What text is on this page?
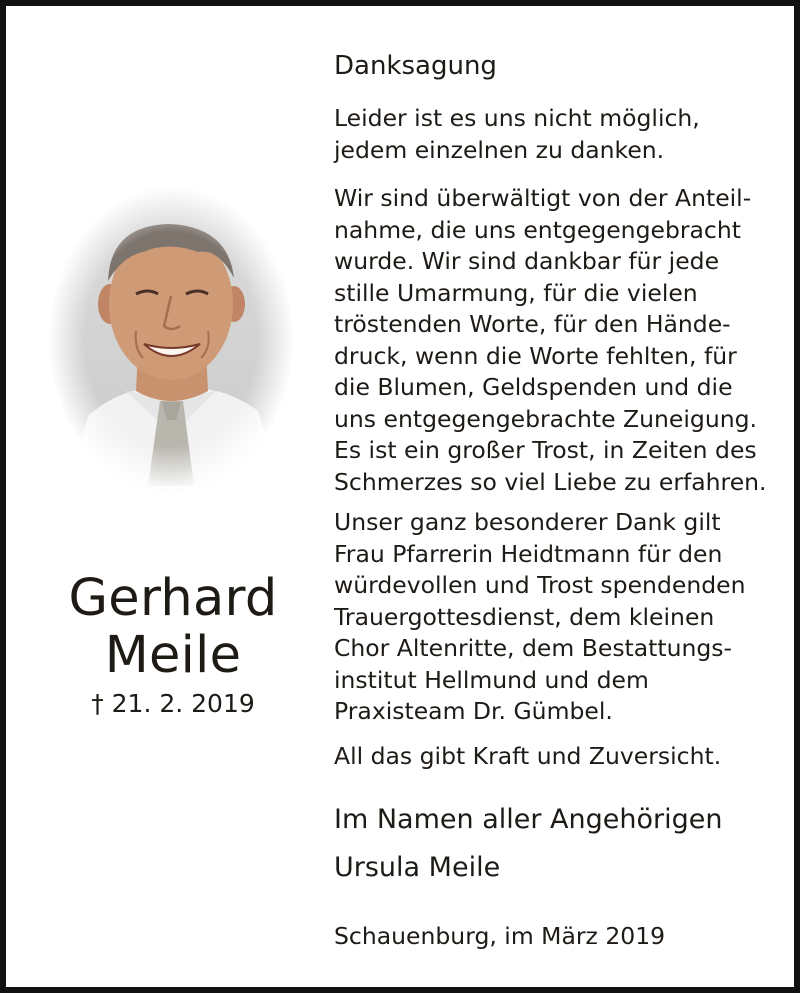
Gerhard
Meile
† 21. 2. 2019

Danksagung

Leider ist es uns nicht möglich,
jedem einzelnen zu danken.

Wir sind überwältigt von der Anteil-
nahme, die uns entgegengebracht
wurde. Wir sind dankbar für jede
stille Umarmung, für die vielen
tröstenden Worte, für den Hände-
druck, wenn die Worte fehlten, für
die Blumen, Geldspenden und die
uns entgegengebrachte Zuneigung.
Es ist ein großer Trost, in Zeiten des
Schmerzes so viel Liebe zu erfahren.

Unser ganz besonderer Dank gilt
Frau Pfarrerin Heidtmann für den
würdevollen und Trost spendenden
Trauergottesdienst, dem kleinen
Chor Altenritte, dem Bestattungs-
institut Hellmund und dem
Praxisteam Dr. Gümbel.

All das gibt Kraft und Zuversicht.

Im Namen aller Angehörigen

Ursula Meile

Schauenburg, im März 2019
